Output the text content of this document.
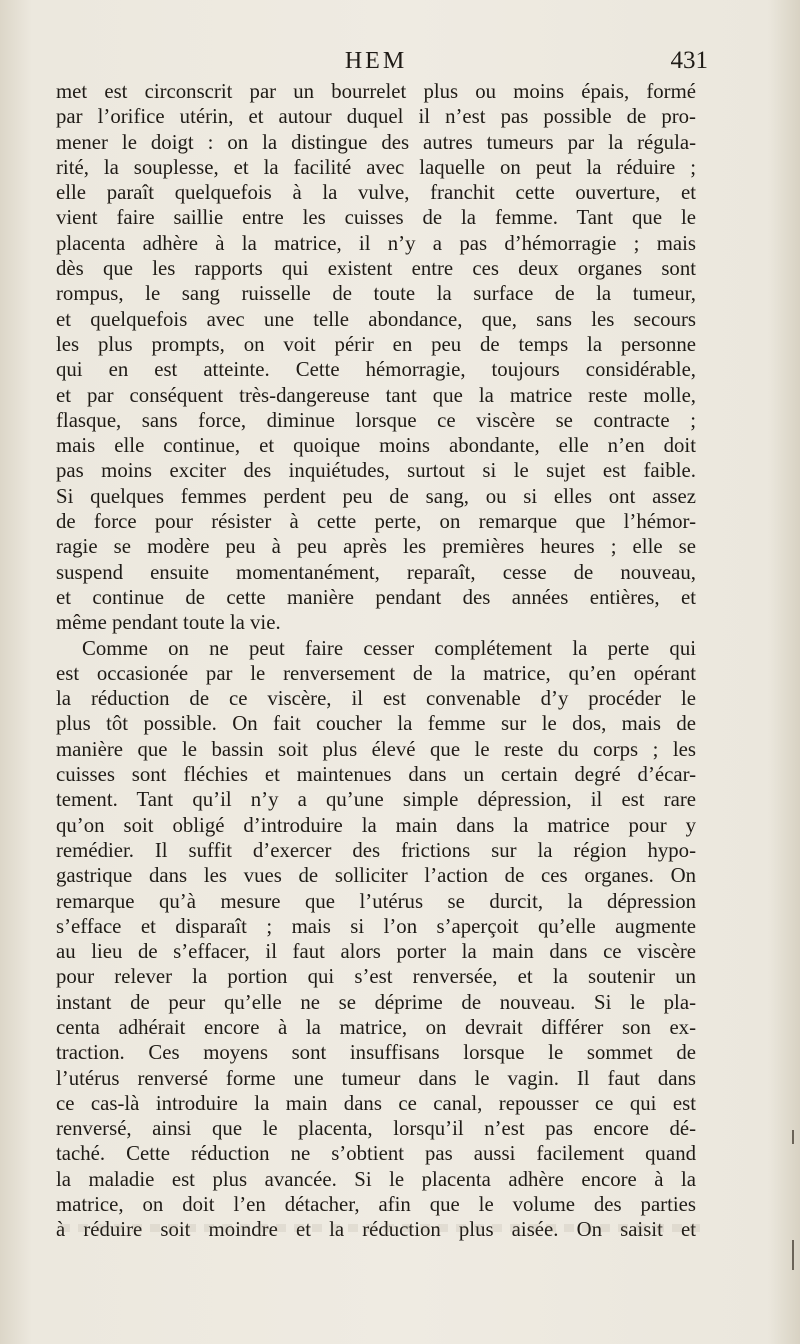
HEM	431
met est circonscrit par un bourrelet plus ou moins épais, formé
par l’orifice utérin, et autour duquel il n’est pas possible de pro-
mener le doigt : on la distingue des autres tumeurs par la régula-
rité, la souplesse, et la facilité avec laquelle on peut la réduire ;
elle paraît quelquefois à la vulve, franchit cette ouverture, et
vient faire saillie entre les cuisses de la femme. Tant que le
placenta adhère à la matrice, il n’y a pas d’hémorragie ; mais
dès que les rapports qui existent entre ces deux organes sont
rompus, le sang ruisselle de toute la surface de la tumeur,
et quelquefois avec une telle abondance, que, sans les secours
les plus prompts, on voit périr en peu de temps la personne
qui en est atteinte. Cette hémorragie, toujours considérable,
et par conséquent très-dangereuse tant que la matrice reste molle,
flasque, sans force, diminue lorsque ce viscère se contracte ;
mais elle continue, et quoique moins abondante, elle n’en doit
pas moins exciter des inquiétudes, surtout si le sujet est faible.
Si quelques femmes perdent peu de sang, ou si elles ont assez
de force pour résister à cette perte, on remarque que l’hémor-
ragie se modère peu à peu après les premières heures ; elle se
suspend ensuite momentanément, reparaît, cesse de nouveau,
et continue de cette manière pendant des années entières, et
même pendant toute la vie.
Comme on ne peut faire cesser complétement la perte qui
est occasionée par le renversement de la matrice, qu’en opérant
la réduction de ce viscère, il est convenable d’y procéder le
plus tôt possible. On fait coucher la femme sur le dos, mais de
manière que le bassin soit plus élevé que le reste du corps ; les
cuisses sont fléchies et maintenues dans un certain degré d’écar-
tement. Tant qu’il n’y a qu’une simple dépression, il est rare
qu’on soit obligé d’introduire la main dans la matrice pour y
remédier. Il suffit d’exercer des frictions sur la région hypo-
gastrique dans les vues de solliciter l’action de ces organes. On
remarque qu’à mesure que l’utérus se durcit, la dépression
s’efface et disparaît ; mais si l’on s’aperçoit qu’elle augmente
au lieu de s’effacer, il faut alors porter la main dans ce viscère
pour relever la portion qui s’est renversée, et la soutenir un
instant de peur qu’elle ne se déprime de nouveau. Si le pla-
centa adhérait encore à la matrice, on devrait différer son ex-
traction. Ces moyens sont insuffisans lorsque le sommet de
l’utérus renversé forme une tumeur dans le vagin. Il faut dans
ce cas-là introduire la main dans ce canal, repousser ce qui est
renversé, ainsi que le placenta, lorsqu’il n’est pas encore dé-
taché. Cette réduction ne s’obtient pas aussi facilement quand
la maladie est plus avancée. Si le placenta adhère encore à la
matrice, on doit l’en détacher, afin que le volume des parties
à réduire soit moindre et la réduction plus aisée. On saisit et
